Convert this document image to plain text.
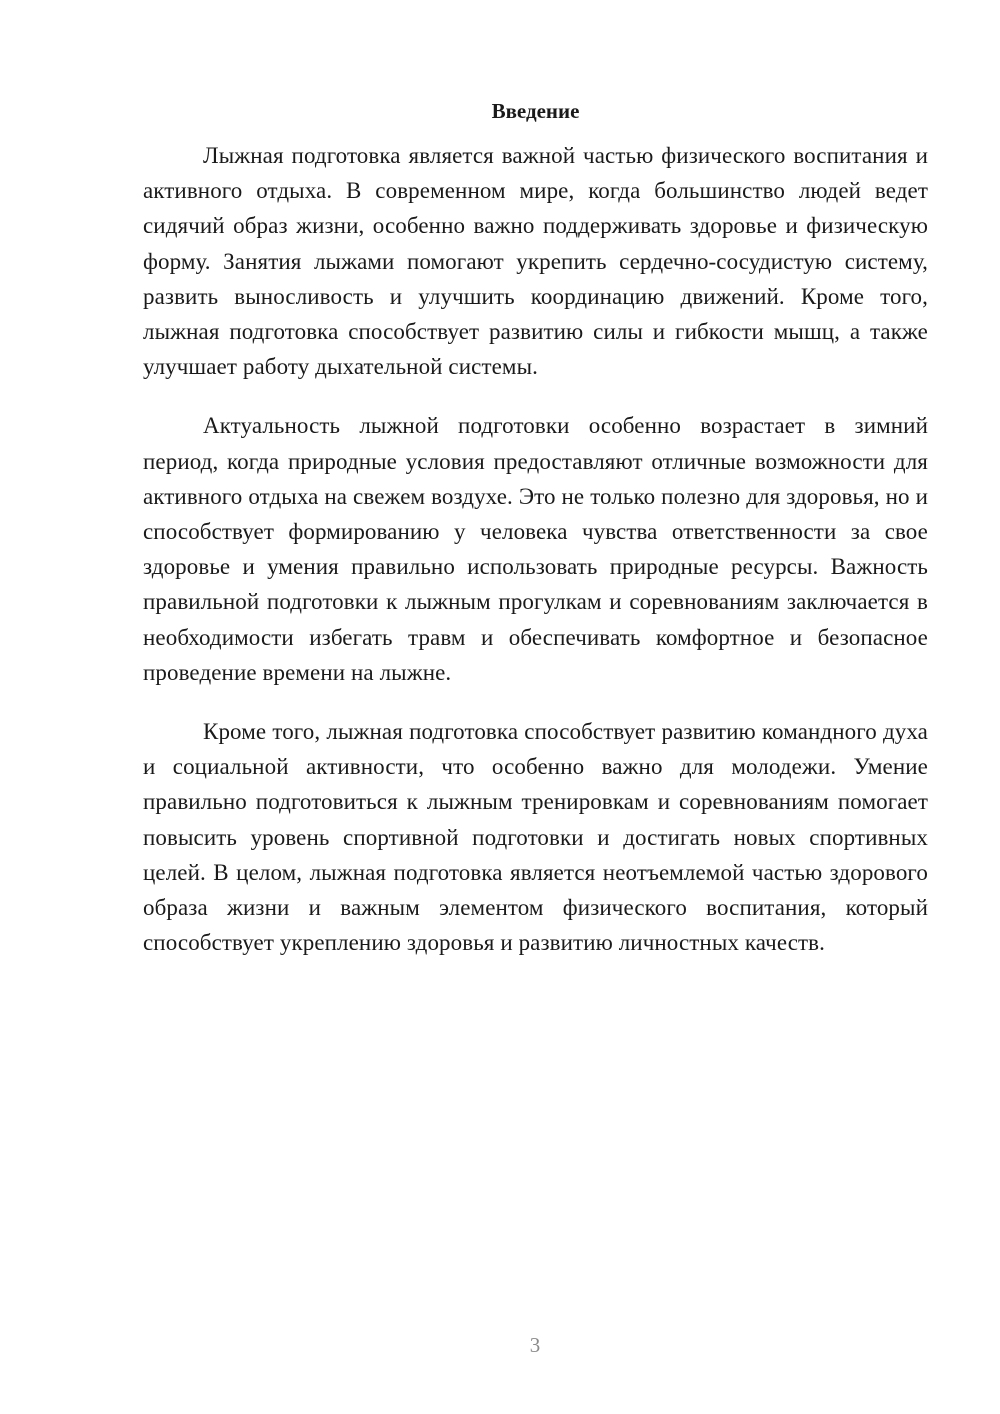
Введение

Лыжная подготовка является важной частью физического воспитания и активного отдыха. В современном мире, когда большинство людей ведет сидячий образ жизни, особенно важно поддерживать здоровье и физическую форму. Занятия лыжами помогают укрепить сердечно-сосудистую систему, развить выносливость и улучшить координацию движений. Кроме того, лыжная подготовка способствует развитию силы и гибкости мышц, а также улучшает работу дыхательной системы.

Актуальность лыжной подготовки особенно возрастает в зимний период, когда природные условия предоставляют отличные возможности для активного отдыха на свежем воздухе. Это не только полезно для здоровья, но и способствует формированию у человека чувства ответственности за свое здоровье и умения правильно использовать природные ресурсы. Важность правильной подготовки к лыжным прогулкам и соревнованиям заключается в необходимости избегать травм и обеспечивать комфортное и безопасное проведение времени на лыжне.

Кроме того, лыжная подготовка способствует развитию командного духа и социальной активности, что особенно важно для молодежи. Умение правильно подготовиться к лыжным тренировкам и соревнованиям помогает повысить уровень спортивной подготовки и достигать новых спортивных целей. В целом, лыжная подготовка является неотъемлемой частью здорового образа жизни и важным элементом физического воспитания, который способствует укреплению здоровья и развитию личностных качеств.

3
